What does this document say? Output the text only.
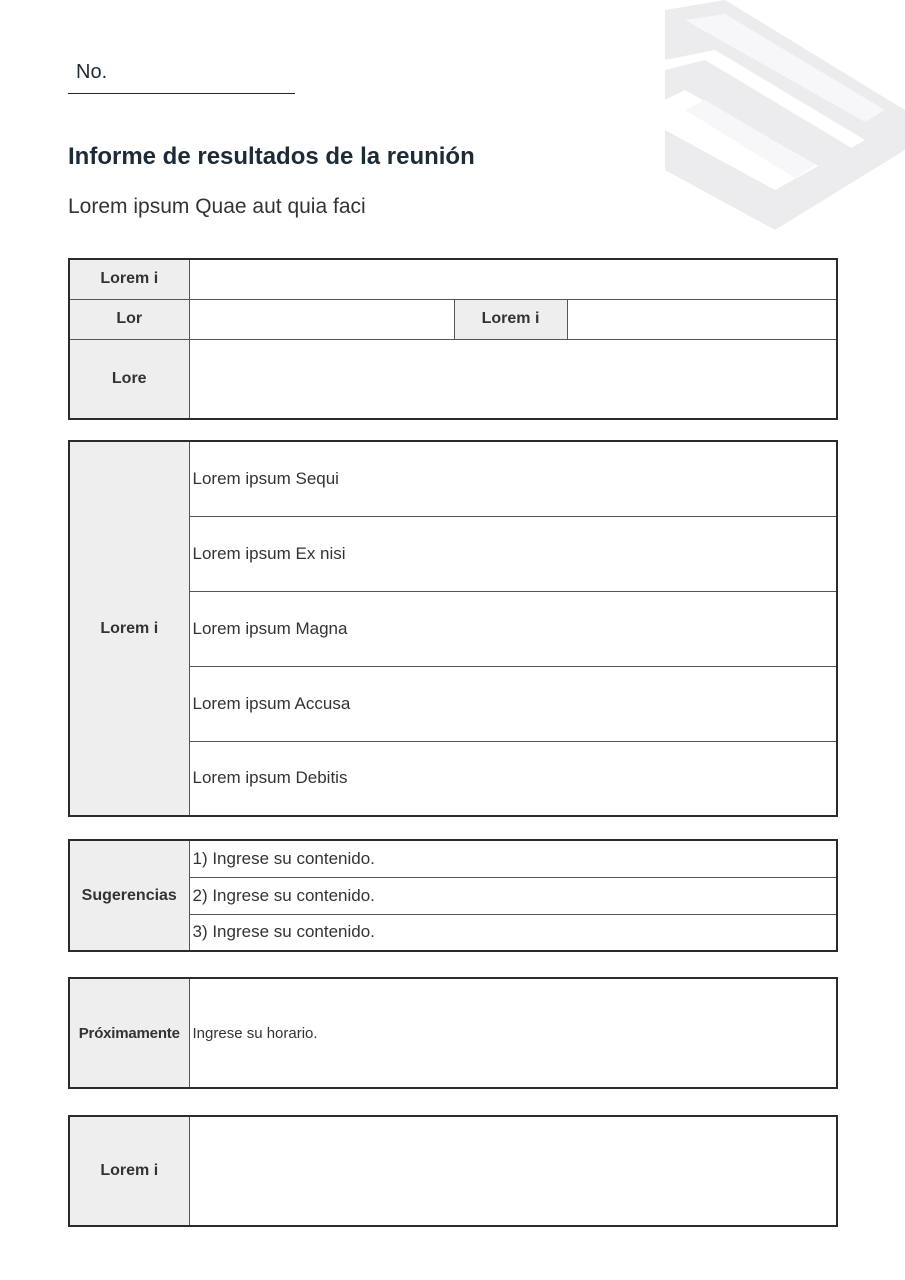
No.
Informe de resultados de la reunión
Lorem ipsum Quae aut quia faci
Lorem i			
Lor		Lorem i	
Lore			
Lorem i	Lorem ipsum Sequi
Lorem ipsum Ex nisi
Lorem ipsum Magna
Lorem ipsum Accusa
Lorem ipsum Debitis
Sugerencias	1) Ingrese su contenido.
2) Ingrese su contenido.
3) Ingrese su contenido.
Próximamente	Ingrese su horario.
Lorem i	
